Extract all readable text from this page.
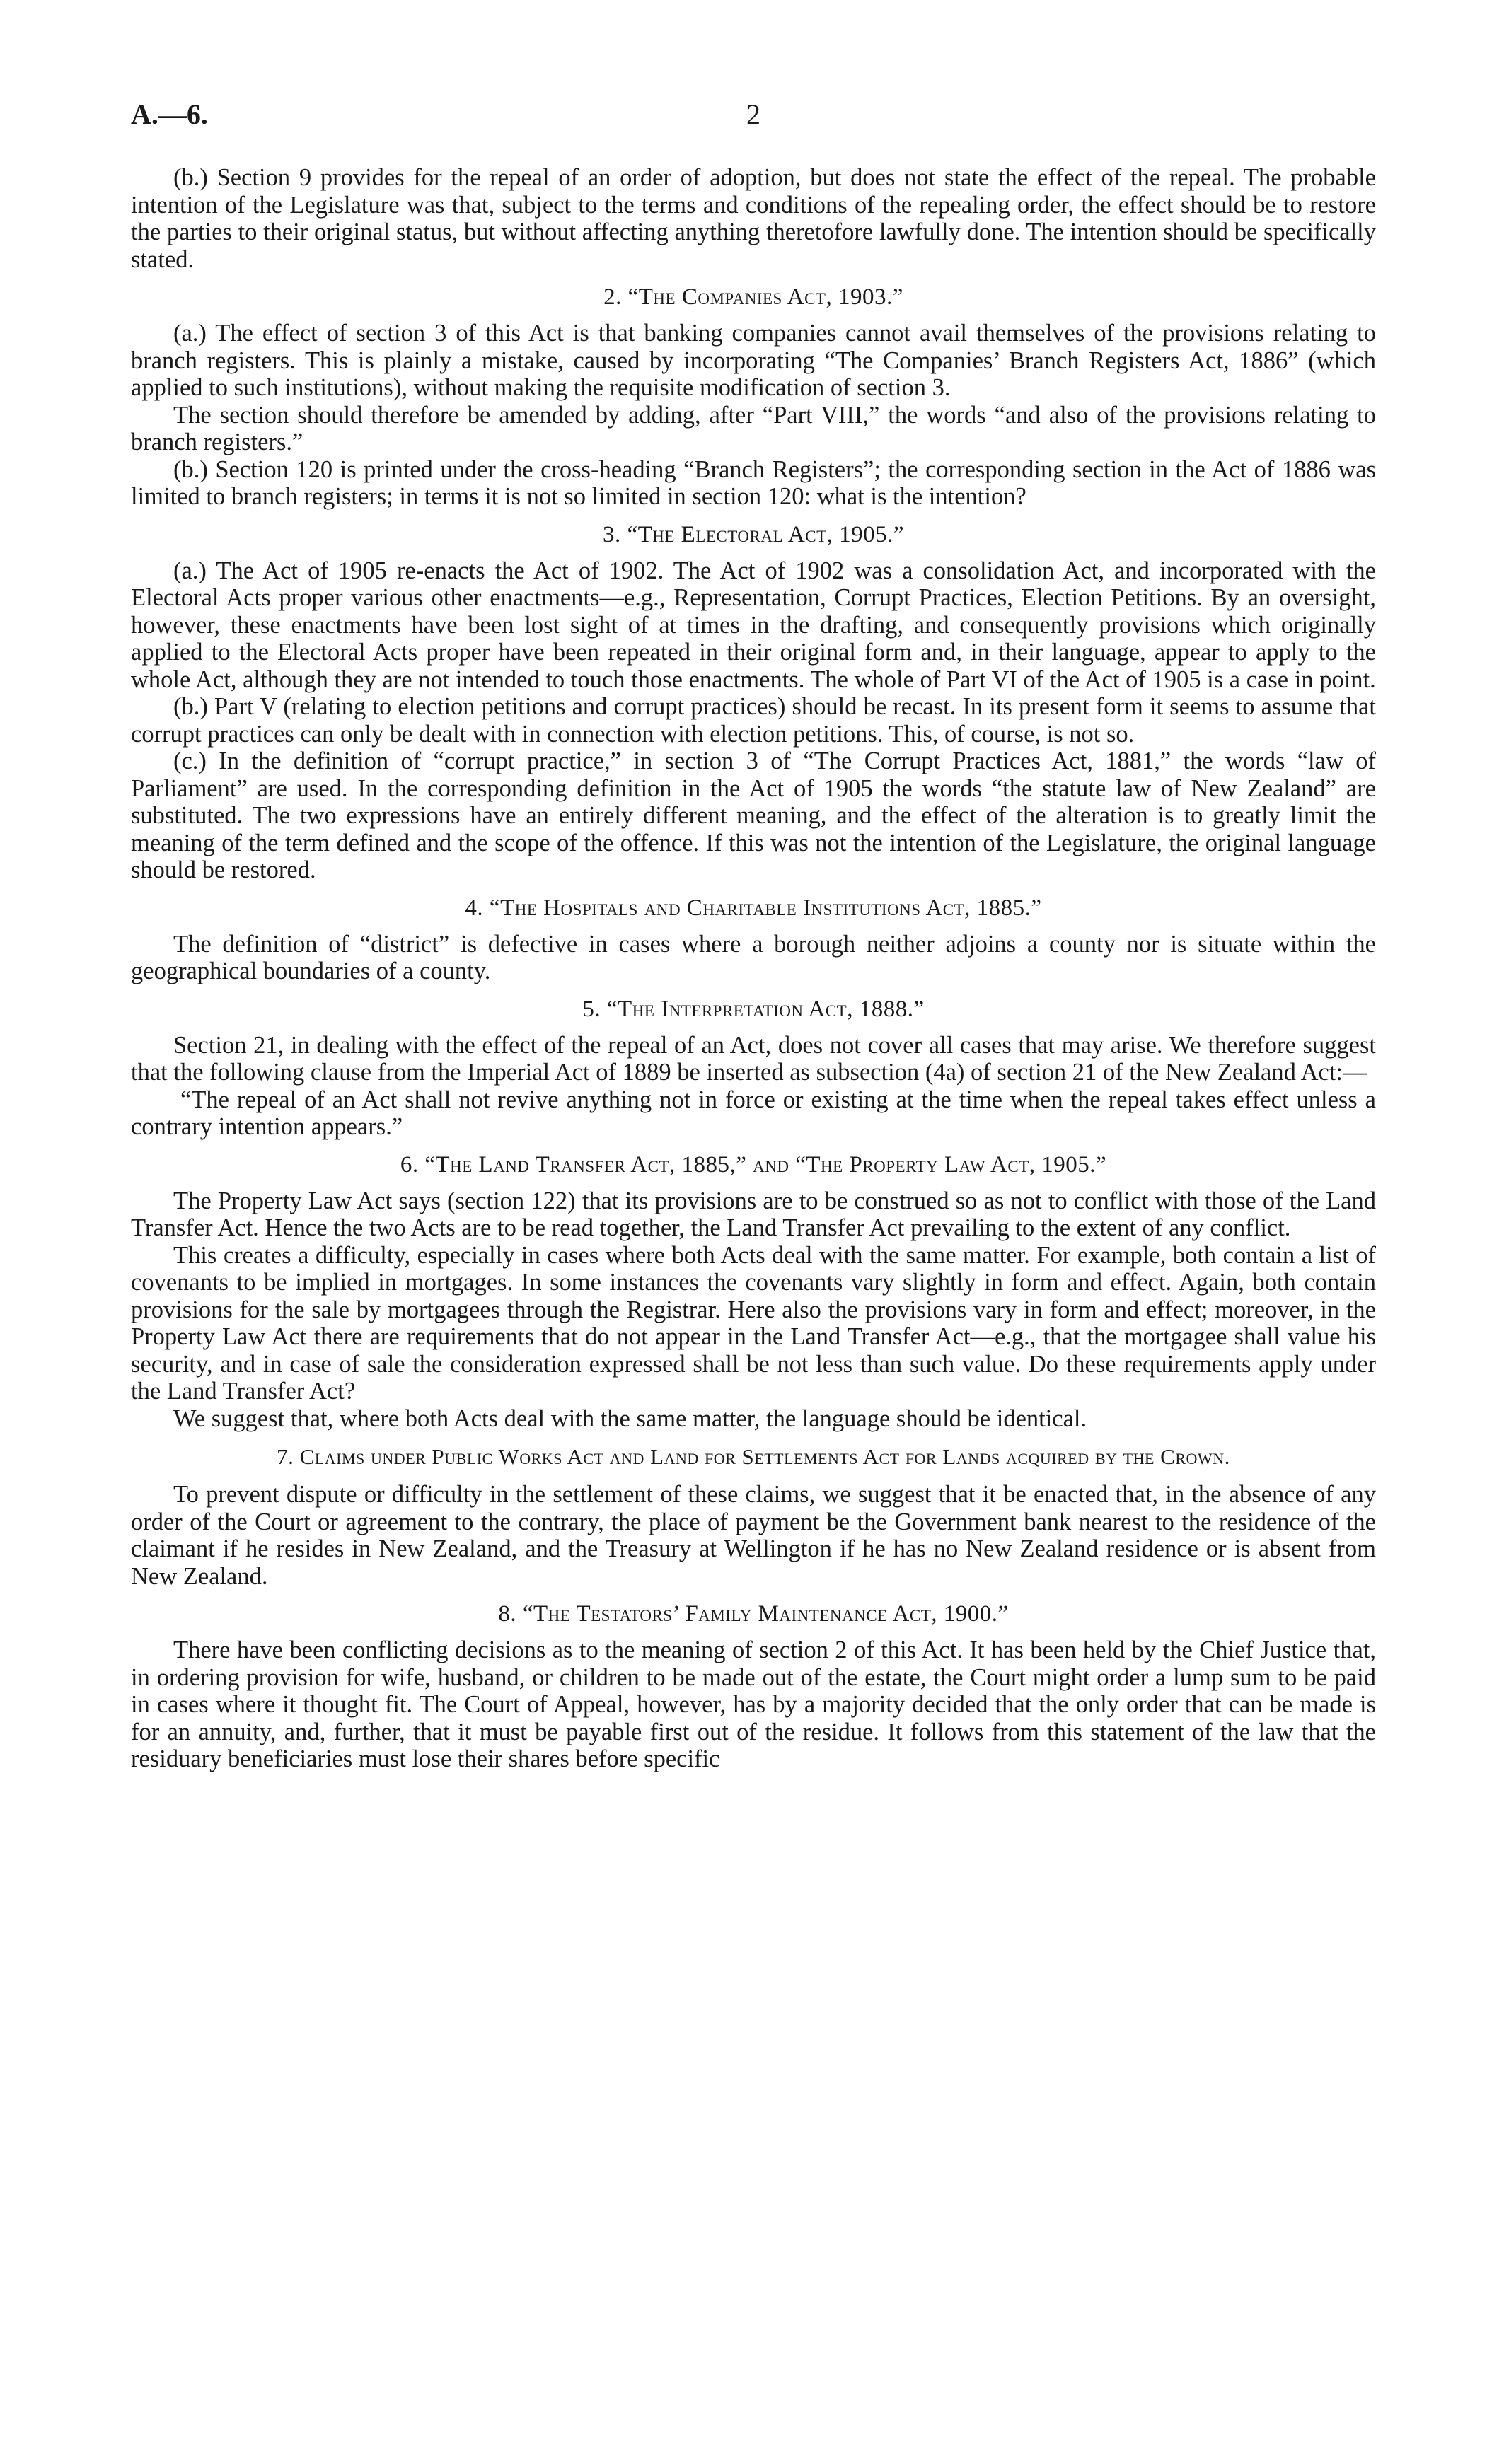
A.—6.	2

(b.) Section 9 provides for the repeal of an order of adoption, but does not state the effect of the repeal. The probable intention of the Legislature was that, subject to the terms and conditions of the repealing order, the effect should be to restore the parties to their original status, but without affecting anything theretofore lawfully done. The intention should be specifically stated.

2. “The Companies Act, 1903.”

(a.) The effect of section 3 of this Act is that banking companies cannot avail themselves of the provisions relating to branch registers. This is plainly a mistake, caused by incorporating “The Companies’ Branch Registers Act, 1886” (which applied to such institutions), without making the requisite modification of section 3.

The section should therefore be amended by adding, after “Part VIII,” the words “and also of the provisions relating to branch registers.”

(b.) Section 120 is printed under the cross-heading “Branch Registers”; the corresponding section in the Act of 1886 was limited to branch registers; in terms it is not so limited in section 120: what is the intention?

3. “The Electoral Act, 1905.”

(a.) The Act of 1905 re-enacts the Act of 1902. The Act of 1902 was a consolidation Act, and incorporated with the Electoral Acts proper various other enactments—e.g., Representation, Corrupt Practices, Election Petitions. By an oversight, however, these enactments have been lost sight of at times in the drafting, and consequently provisions which originally applied to the Electoral Acts proper have been repeated in their original form and, in their language, appear to apply to the whole Act, although they are not intended to touch those enactments. The whole of Part VI of the Act of 1905 is a case in point.

(b.) Part V (relating to election petitions and corrupt practices) should be recast. In its present form it seems to assume that corrupt practices can only be dealt with in connection with election petitions. This, of course, is not so.

(c.) In the definition of “corrupt practice,” in section 3 of “The Corrupt Practices Act, 1881,” the words “law of Parliament” are used. In the corresponding definition in the Act of 1905 the words “the statute law of New Zealand” are substituted. The two expressions have an entirely different meaning, and the effect of the alteration is to greatly limit the meaning of the term defined and the scope of the offence. If this was not the intention of the Legislature, the original language should be restored.

4. “The Hospitals and Charitable Institutions Act, 1885.”

The definition of “district” is defective in cases where a borough neither adjoins a county nor is situate within the geographical boundaries of a county.

5. “The Interpretation Act, 1888.”

Section 21, in dealing with the effect of the repeal of an Act, does not cover all cases that may arise. We therefore suggest that the following clause from the Imperial Act of 1889 be inserted as subsection (4a) of section 21 of the New Zealand Act:—

“The repeal of an Act shall not revive anything not in force or existing at the time when the repeal takes effect unless a contrary intention appears.”

6. “The Land Transfer Act, 1885,” and “The Property Law Act, 1905.”

The Property Law Act says (section 122) that its provisions are to be construed so as not to conflict with those of the Land Transfer Act. Hence the two Acts are to be read together, the Land Transfer Act prevailing to the extent of any conflict.

This creates a difficulty, especially in cases where both Acts deal with the same matter. For example, both contain a list of covenants to be implied in mortgages. In some instances the covenants vary slightly in form and effect. Again, both contain provisions for the sale by mortgagees through the Registrar. Here also the provisions vary in form and effect; moreover, in the Property Law Act there are requirements that do not appear in the Land Transfer Act—e.g., that the mortgagee shall value his security, and in case of sale the consideration expressed shall be not less than such value. Do these requirements apply under the Land Transfer Act?

We suggest that, where both Acts deal with the same matter, the language should be identical.

7. Claims under Public Works Act and Land for Settlements Act for Lands acquired by the Crown.

To prevent dispute or difficulty in the settlement of these claims, we suggest that it be enacted that, in the absence of any order of the Court or agreement to the contrary, the place of payment be the Government bank nearest to the residence of the claimant if he resides in New Zealand, and the Treasury at Wellington if he has no New Zealand residence or is absent from New Zealand.

8. “The Testators’ Family Maintenance Act, 1900.”

There have been conflicting decisions as to the meaning of section 2 of this Act. It has been held by the Chief Justice that, in ordering provision for wife, husband, or children to be made out of the estate, the Court might order a lump sum to be paid in cases where it thought fit. The Court of Appeal, however, has by a majority decided that the only order that can be made is for an annuity, and, further, that it must be payable first out of the residue. It follows from this statement of the law that the residuary beneficiaries must lose their shares before specific
